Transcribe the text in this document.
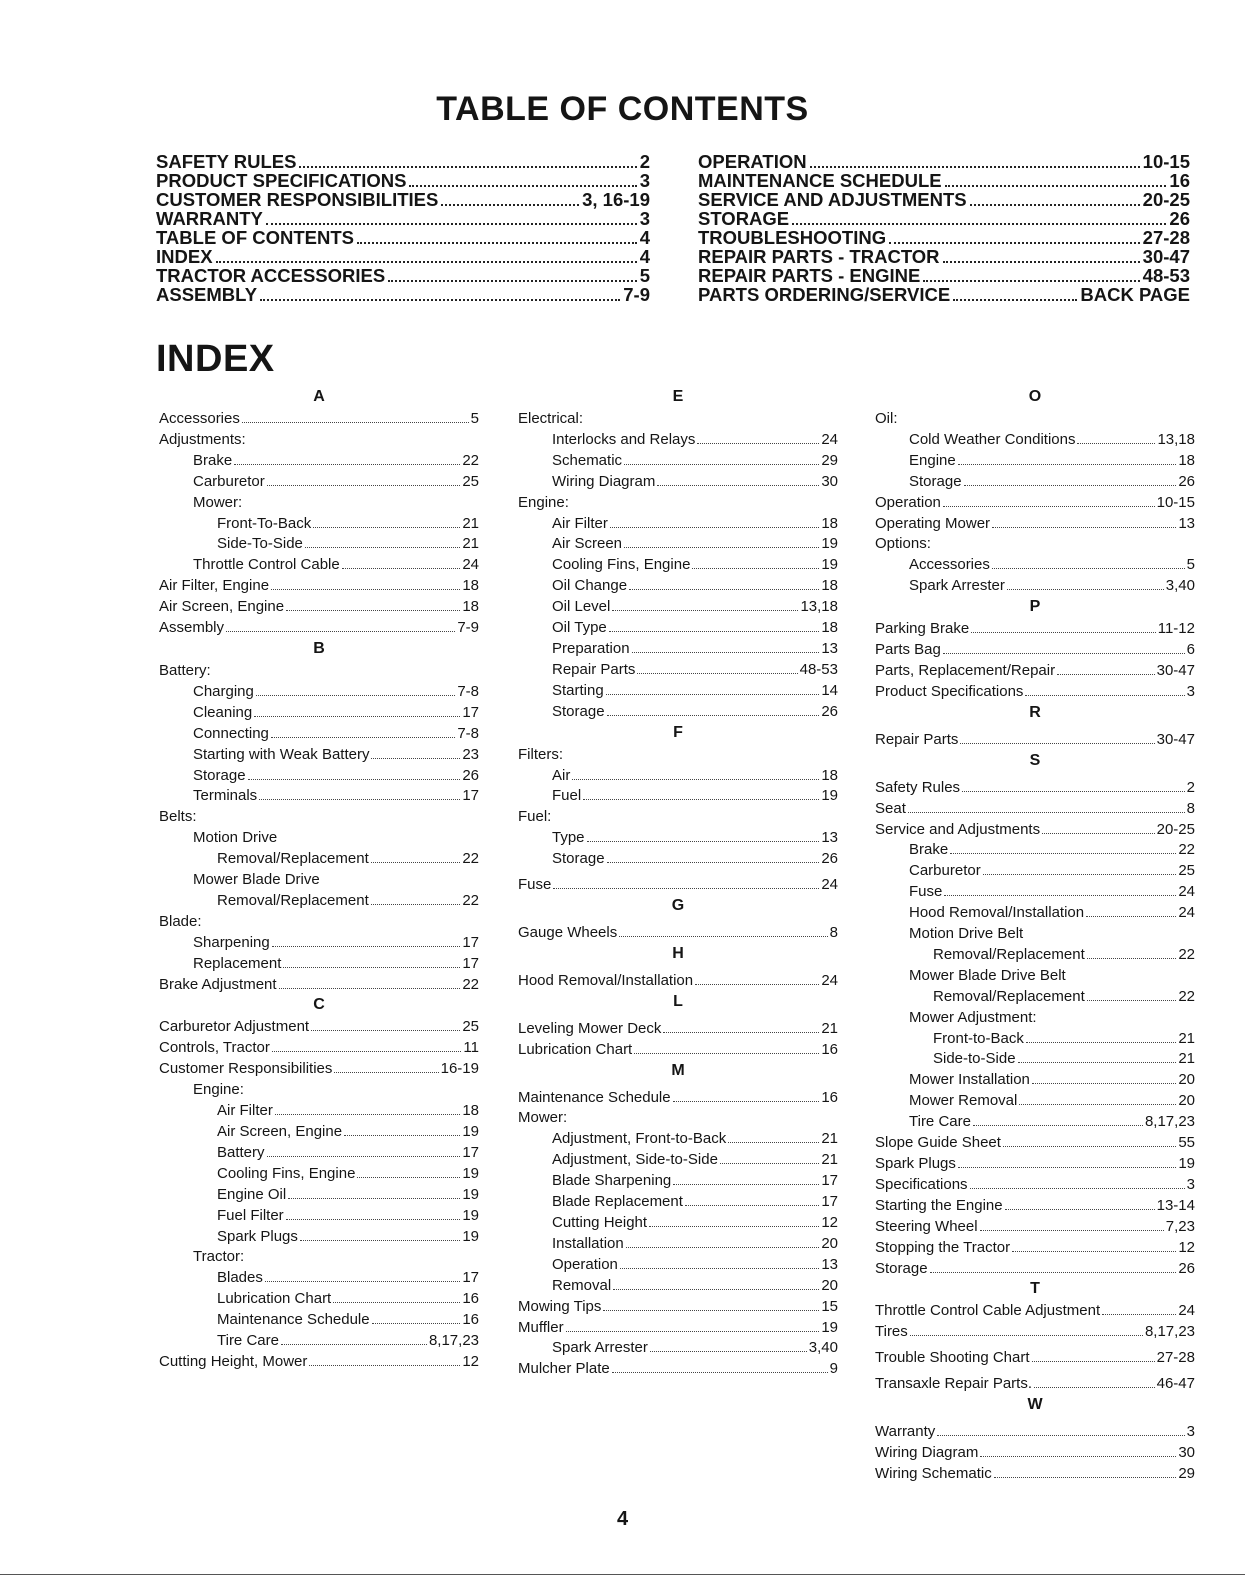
TABLE OF CONTENTS
SAFETY RULES	2
PRODUCT SPECIFICATIONS	3
CUSTOMER RESPONSIBILITIES	3, 16-19
WARRANTY	3
TABLE OF CONTENTS	4
INDEX	4
TRACTOR ACCESSORIES	5
ASSEMBLY	7-9
OPERATION	10-15
MAINTENANCE SCHEDULE	16
SERVICE AND ADJUSTMENTS	20-25
STORAGE	26
TROUBLESHOOTING	27-28
REPAIR PARTS - TRACTOR	30-47
REPAIR PARTS - ENGINE	48-53
PARTS ORDERING/SERVICE	BACK PAGE
INDEX
A
Accessories	5
Adjustments:
Brake	22
Carburetor	25
Mower:
Front-To-Back	21
Side-To-Side	21
Throttle Control Cable	24
Air Filter, Engine	18
Air Screen, Engine	18
Assembly	7-9
B
Battery:
Charging	7-8
Cleaning	17
Connecting	7-8
Starting with Weak Battery	23
Storage	26
Terminals	17
Belts:
Motion Drive
Removal/Replacement	22
Mower Blade Drive
Removal/Replacement	22
Blade:
Sharpening	17
Replacement	17
Brake Adjustment	22
C
Carburetor Adjustment	25
Controls, Tractor	11
Customer Responsibilities	16-19
Engine:
Air Filter	18
Air Screen, Engine	19
Battery	17
Cooling Fins, Engine	19
Engine Oil	19
Fuel Filter	19
Spark Plugs	19
Tractor:
Blades	17
Lubrication Chart	16
Maintenance Schedule	16
Tire Care	8,17,23
Cutting Height, Mower	12
E
Electrical:
Interlocks and Relays	24
Schematic	29
Wiring Diagram	30
Engine:
Air Filter	18
Air Screen	19
Cooling Fins, Engine	19
Oil Change	18
Oil Level	13,18
Oil Type	18
Preparation	13
Repair Parts	48-53
Starting	14
Storage	26
F
Filters:
Air	18
Fuel	19
Fuel:
Type	13
Storage	26
Fuse	24
G
Gauge Wheels	8
H
Hood Removal/Installation	24
L
Leveling Mower Deck	21
Lubrication Chart	16
M
Maintenance Schedule	16
Mower:
Adjustment, Front-to-Back	21
Adjustment, Side-to-Side	21
Blade Sharpening	17
Blade Replacement	17
Cutting Height	12
Installation	20
Operation	13
Removal	20
Mowing Tips	15
Muffler	19
Spark Arrester	3,40
Mulcher Plate	9
O
Oil:
Cold Weather Conditions	13,18
Engine	18
Storage	26
Operation	10-15
Operating Mower	13
Options:
Accessories	5
Spark Arrester	3,40
P
Parking Brake	11-12
Parts Bag	6
Parts, Replacement/Repair	30-47
Product Specifications	3
R
Repair Parts	30-47
S
Safety Rules	2
Seat	8
Service and Adjustments	20-25
Brake	22
Carburetor	25
Fuse	24
Hood Removal/Installation	24
Motion Drive Belt
Removal/Replacement	22
Mower Blade Drive Belt
Removal/Replacement	22
Mower Adjustment:
Front-to-Back	21
Side-to-Side	21
Mower Installation	20
Mower Removal	20
Tire Care	8,17,23
Slope Guide Sheet	55
Spark Plugs	19
Specifications	3
Starting the Engine	13-14
Steering Wheel	7,23
Stopping the Tractor	12
Storage	26
T
Throttle Control Cable Adjustment	24
Tires	8,17,23
Trouble Shooting Chart	27-28
Transaxle Repair Parts.	46-47
W
Warranty	3
Wiring Diagram	30
Wiring Schematic	29
4
